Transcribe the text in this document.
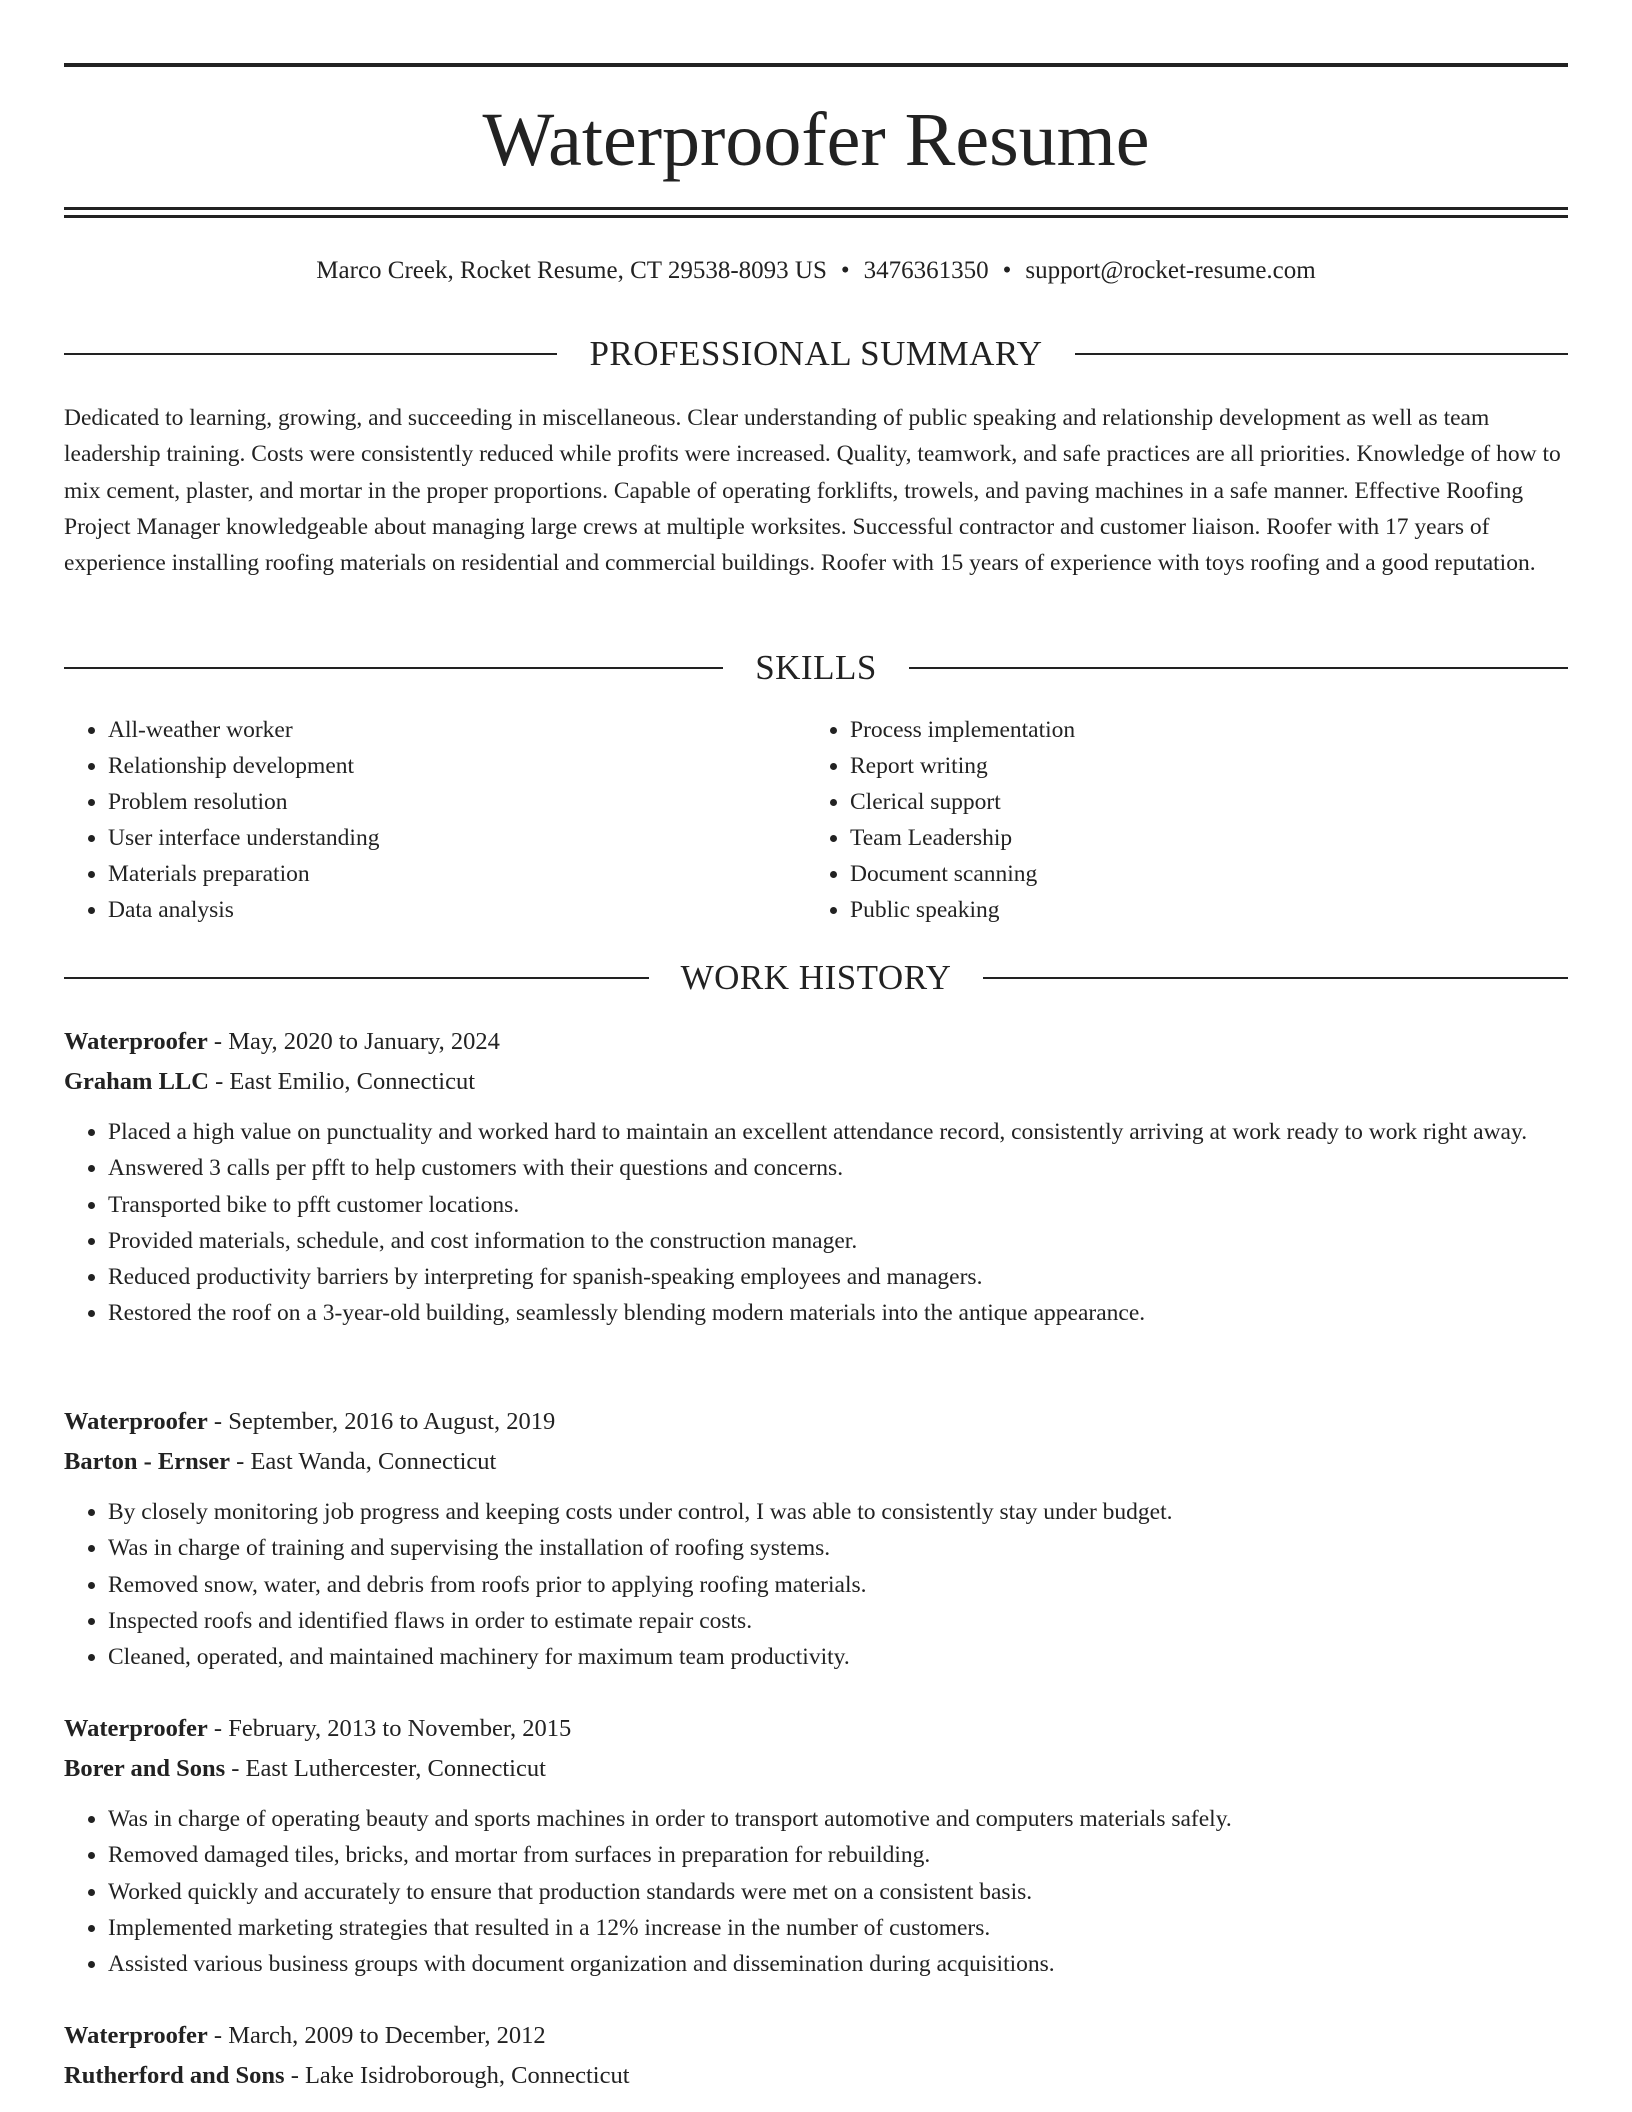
Waterproofer Resume
Marco Creek, Rocket Resume, CT 29538-8093 US • 3476361350 • support@rocket-resume.com
PROFESSIONAL SUMMARY

Dedicated to learning, growing, and succeeding in miscellaneous. Clear understanding of public speaking and relationship development as well as team leadership training. Costs were consistently reduced while profits were increased. Quality, teamwork, and safe practices are all priorities. Knowledge of how to mix cement, plaster, and mortar in the proper proportions. Capable of operating forklifts, trowels, and paving machines in a safe manner. Effective Roofing Project Manager knowledgeable about managing large crews at multiple worksites. Successful contractor and customer liaison. Roofer with 17 years of experience installing roofing materials on residential and commercial buildings. Roofer with 15 years of experience with toys roofing and a good reputation.

SKILLS
• All-weather worker
• Relationship development
• Problem resolution
• User interface understanding
• Materials preparation
• Data analysis
• Process implementation
• Report writing
• Clerical support
• Team Leadership
• Document scanning
• Public speaking
WORK HISTORY

Waterproofer - May, 2020 to January, 2024

Graham LLC - East Emilio, Connecticut

• Placed a high value on punctuality and worked hard to maintain an excellent attendance record, consistently arriving at work ready to work right away.
• Answered 3 calls per pfft to help customers with their questions and concerns.
• Transported bike to pfft customer locations.
• Provided materials, schedule, and cost information to the construction manager.
• Reduced productivity barriers by interpreting for spanish-speaking employees and managers.
• Restored the roof on a 3-year-old building, seamlessly blending modern materials into the antique appearance.

Waterproofer - September, 2016 to August, 2019

Barton - Ernser - East Wanda, Connecticut

• By closely monitoring job progress and keeping costs under control, I was able to consistently stay under budget.
• Was in charge of training and supervising the installation of roofing systems.
• Removed snow, water, and debris from roofs prior to applying roofing materials.
• Inspected roofs and identified flaws in order to estimate repair costs.
• Cleaned, operated, and maintained machinery for maximum team productivity.

Waterproofer - February, 2013 to November, 2015

Borer and Sons - East Luthercester, Connecticut

• Was in charge of operating beauty and sports machines in order to transport automotive and computers materials safely.
• Removed damaged tiles, bricks, and mortar from surfaces in preparation for rebuilding.
• Worked quickly and accurately to ensure that production standards were met on a consistent basis.
• Implemented marketing strategies that resulted in a 12% increase in the number of customers.
• Assisted various business groups with document organization and dissemination during acquisitions.

Waterproofer - March, 2009 to December, 2012

Rutherford and Sons - Lake Isidroborough, Connecticut
